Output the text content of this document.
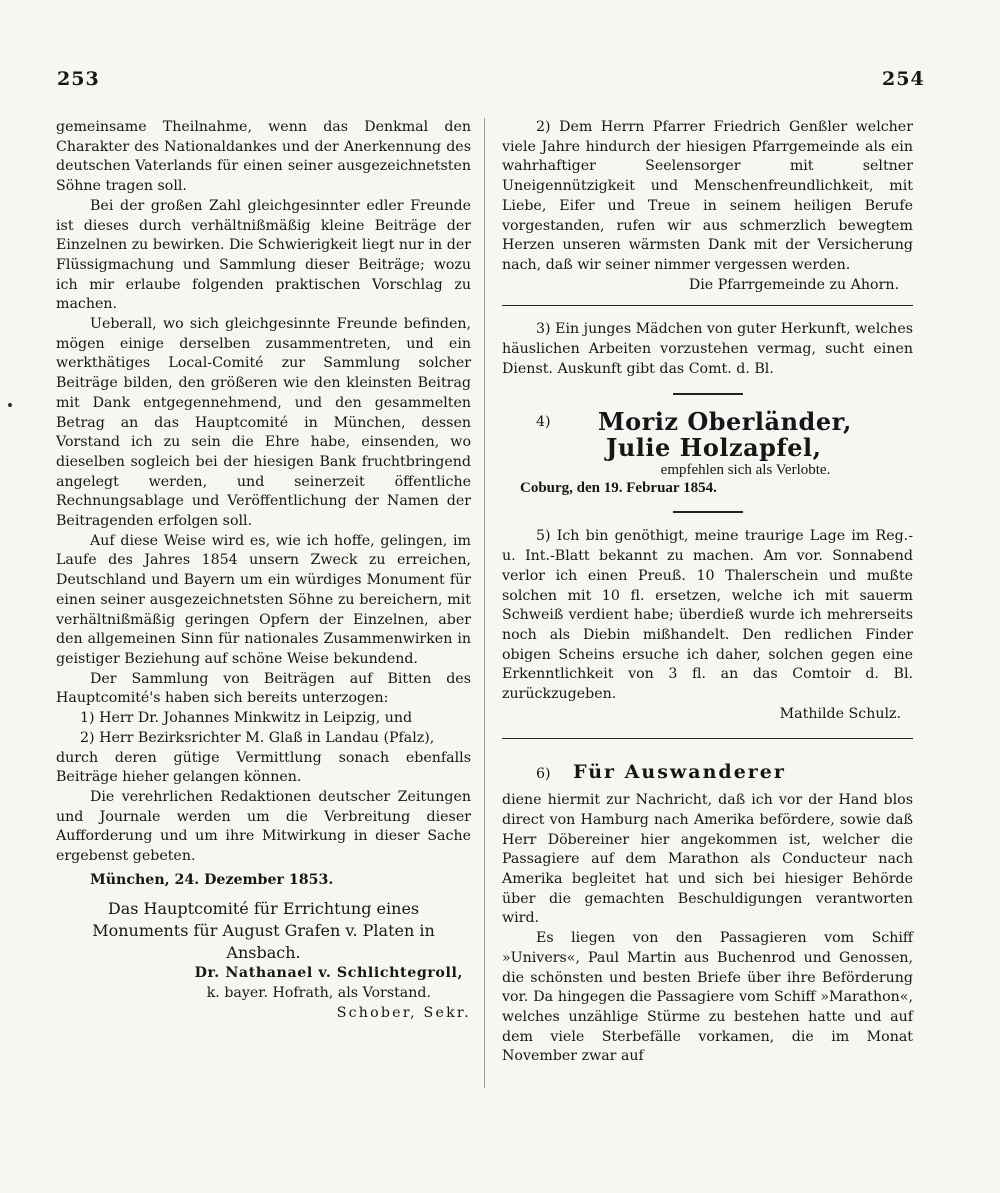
253	254

gemeinsame Theilnahme, wenn das Denkmal den Charakter des Nationaldankes und der Anerkennung des deutschen Vaterlands für einen seiner ausgezeichnetsten Söhne tragen soll.

Bei der großen Zahl gleichgesinnter edler Freunde ist dieses durch verhältnißmäßig kleine Beiträge der Einzelnen zu bewirken. Die Schwierigkeit liegt nur in der Flüssigmachung und Sammlung dieser Beiträge; wozu ich mir erlaube folgenden praktischen Vorschlag zu machen.

Ueberall, wo sich gleichgesinnte Freunde befinden, mögen einige derselben zusammentreten, und ein werkthätiges Local-Comité zur Sammlung solcher Beiträge bilden, den größeren wie den kleinsten Beitrag mit Dank entgegennehmend, und den gesammelten Betrag an das Hauptcomité in München, dessen Vorstand ich zu sein die Ehre habe, einsenden, wo dieselben sogleich bei der hiesigen Bank fruchtbringend angelegt werden, und seinerzeit öffentliche Rechnungsablage und Veröffentlichung der Namen der Beitragenden erfolgen soll.

Auf diese Weise wird es, wie ich hoffe, gelingen, im Laufe des Jahres 1854 unsern Zweck zu erreichen, Deutschland und Bayern um ein würdiges Monument für einen seiner ausgezeichnetsten Söhne zu bereichern, mit verhältnißmäßig geringen Opfern der Einzelnen, aber den allgemeinen Sinn für nationales Zusammenwirken in geistiger Beziehung auf schöne Weise bekundend.

Der Sammlung von Beiträgen auf Bitten des Hauptcomité's haben sich bereits unterzogen:

1) Herr Dr. Johannes Minkwitz in Leipzig, und

2) Herr Bezirksrichter M. Glaß in Landau (Pfalz),

durch deren gütige Vermittlung sonach ebenfalls Beiträge hieher gelangen können.

Die verehrlichen Redaktionen deutscher Zeitungen und Journale werden um die Verbreitung dieser Aufforderung und um ihre Mitwirkung in dieser Sache ergebenst gebeten.

München, 24. Dezember 1853.

Das Hauptcomité für Errichtung eines Monuments für August Grafen v. Platen in Ansbach.

Dr. Nathanael v. Schlichtegroll,

k. bayer. Hofrath, als Vorstand.

Schober, Sekr.

2) Dem Herrn Pfarrer Friedrich Genßler welcher viele Jahre hindurch der hiesigen Pfarrgemeinde als ein wahrhaftiger Seelensorger mit seltner Uneigennützigkeit und Menschenfreundlichkeit, mit Liebe, Eifer und Treue in seinem heiligen Berufe vorgestanden, rufen wir aus schmerzlich bewegtem Herzen unseren wärmsten Dank mit der Versicherung nach, daß wir seiner nimmer vergessen werden.

Die Pfarrgemeinde zu Ahorn.

3) Ein junges Mädchen von guter Herkunft, welches häuslichen Arbeiten vorzustehen vermag, sucht einen Dienst. Auskunft gibt das Comt. d. Bl.

4) Moriz Oberländer,
Julie Holzapfel,
empfehlen sich als Verlobte.

Coburg, den 19. Februar 1854.

5) Ich bin genöthigt, meine traurige Lage im Reg.- u. Int.-Blatt bekannt zu machen. Am vor. Sonnabend verlor ich einen Preuß. 10 Thalerschein und mußte solchen mit 10 fl. ersetzen, welche ich mit sauerm Schweiß verdient habe; überdieß wurde ich mehrerseits noch als Diebin mißhandelt. Den redlichen Finder obigen Scheins ersuche ich daher, solchen gegen eine Erkenntlichkeit von 3 fl. an das Comtoir d. Bl. zurückzugeben.

Mathilde Schulz.

6) Für Auswanderer

diene hiermit zur Nachricht, daß ich vor der Hand blos direct von Hamburg nach Amerika befördere, sowie daß Herr Döbereiner hier angekommen ist, welcher die Passagiere auf dem Marathon als Conducteur nach Amerika begleitet hat und sich bei hiesiger Behörde über die gemachten Beschuldigungen verantworten wird.

Es liegen von den Passagieren vom Schiff »Univers«, Paul Martin aus Buchenrod und Genossen, die schönsten und besten Briefe über ihre Beförderung vor. Da hingegen die Passagiere vom Schiff »Marathon«, welches unzählige Stürme zu bestehen hatte und auf dem viele Sterbefälle vorkamen, die im Monat November zwar auf
